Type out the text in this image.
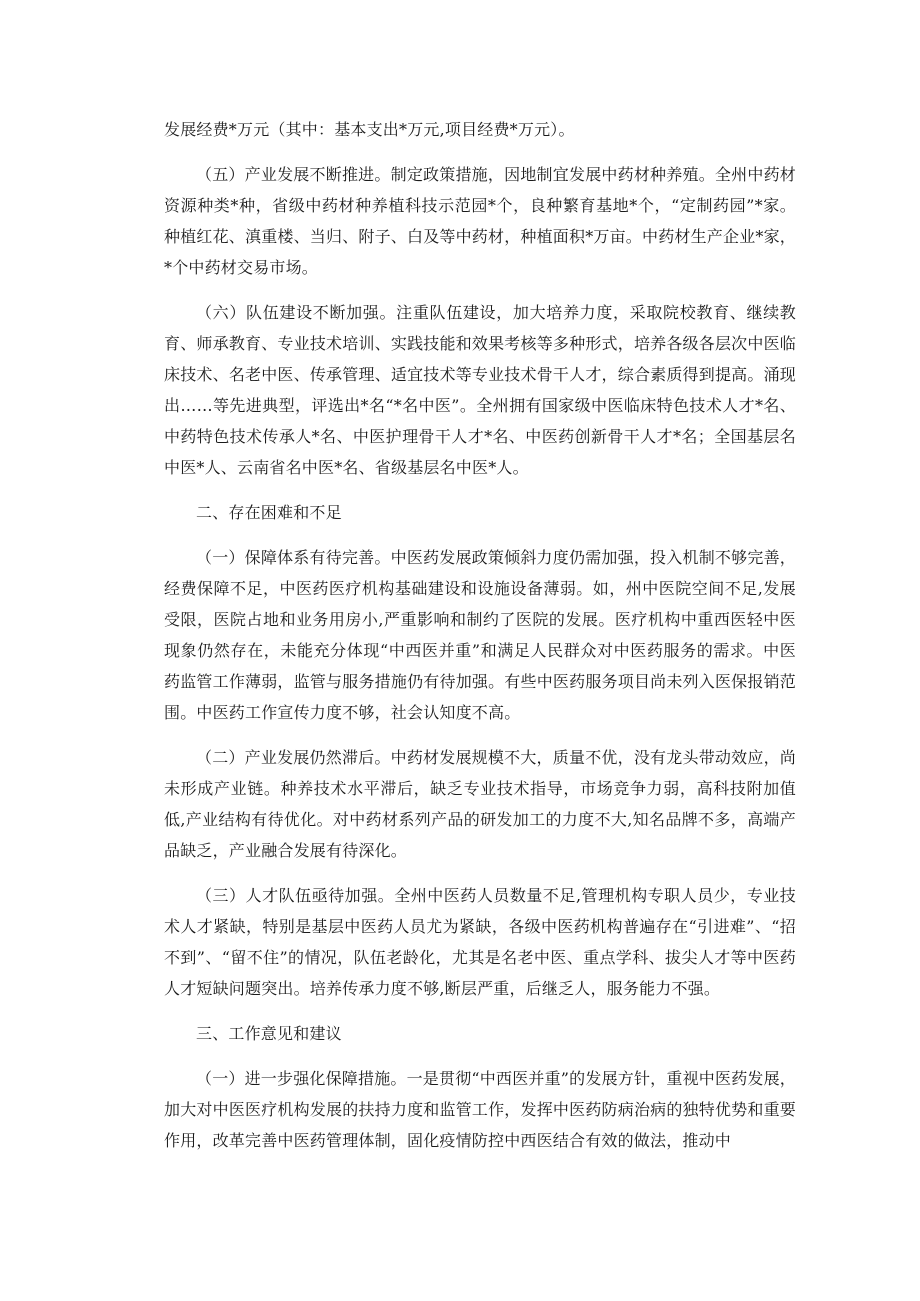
发展经费*万元（其中：基本支出*万元,项目经费*万元）。

（五）产业发展不断推进。制定政策措施，因地制宜发展中药材种养殖。全州中药材资源种类*种，省级中药材种养植科技示范园*个，良种繁育基地*个，“定制药园”*家。种植红花、滇重楼、当归、附子、白及等中药材，种植面积*万亩。中药材生产企业*家，*个中药材交易市场。

（六）队伍建设不断加强。注重队伍建设，加大培养力度，采取院校教育、继续教育、师承教育、专业技术培训、实践技能和效果考核等多种形式，培养各级各层次中医临床技术、名老中医、传承管理、适宜技术等专业技术骨干人才，综合素质得到提高。涌现出……等先进典型，评选出*名“*名中医”。全州拥有国家级中医临床特色技术人才*名、中药特色技术传承人*名、中医护理骨干人才*名、中医药创新骨干人才*名；全国基层名中医*人、云南省名中医*名、省级基层名中医*人。

二、存在困难和不足

（一）保障体系有待完善。中医药发展政策倾斜力度仍需加强，投入机制不够完善，经费保障不足，中医药医疗机构基础建设和设施设备薄弱。如，州中医院空间不足,发展受限，医院占地和业务用房小,严重影响和制约了医院的发展。医疗机构中重西医轻中医现象仍然存在，未能充分体现“中西医并重”和满足人民群众对中医药服务的需求。中医药监管工作薄弱，监管与服务措施仍有待加强。有些中医药服务项目尚未列入医保报销范围。中医药工作宣传力度不够，社会认知度不高。

（二）产业发展仍然滞后。中药材发展规模不大，质量不优，没有龙头带动效应，尚未形成产业链。种养技术水平滞后，缺乏专业技术指导，市场竞争力弱，高科技附加值低,产业结构有待优化。对中药材系列产品的研发加工的力度不大,知名品牌不多，高端产品缺乏，产业融合发展有待深化。

（三）人才队伍亟待加强。全州中医药人员数量不足,管理机构专职人员少，专业技术人才紧缺，特别是基层中医药人员尤为紧缺，各级中医药机构普遍存在“引进难”、“招不到”、“留不住”的情况，队伍老龄化，尤其是名老中医、重点学科、拔尖人才等中医药人才短缺问题突出。培养传承力度不够,断层严重，后继乏人，服务能力不强。

三、工作意见和建议

（一）进一步强化保障措施。一是贯彻“中西医并重”的发展方针，重视中医药发展，加大对中医医疗机构发展的扶持力度和监管工作，发挥中医药防病治病的独特优势和重要作用，改革完善中医药管理体制，固化疫情防控中西医结合有效的做法，推动中
